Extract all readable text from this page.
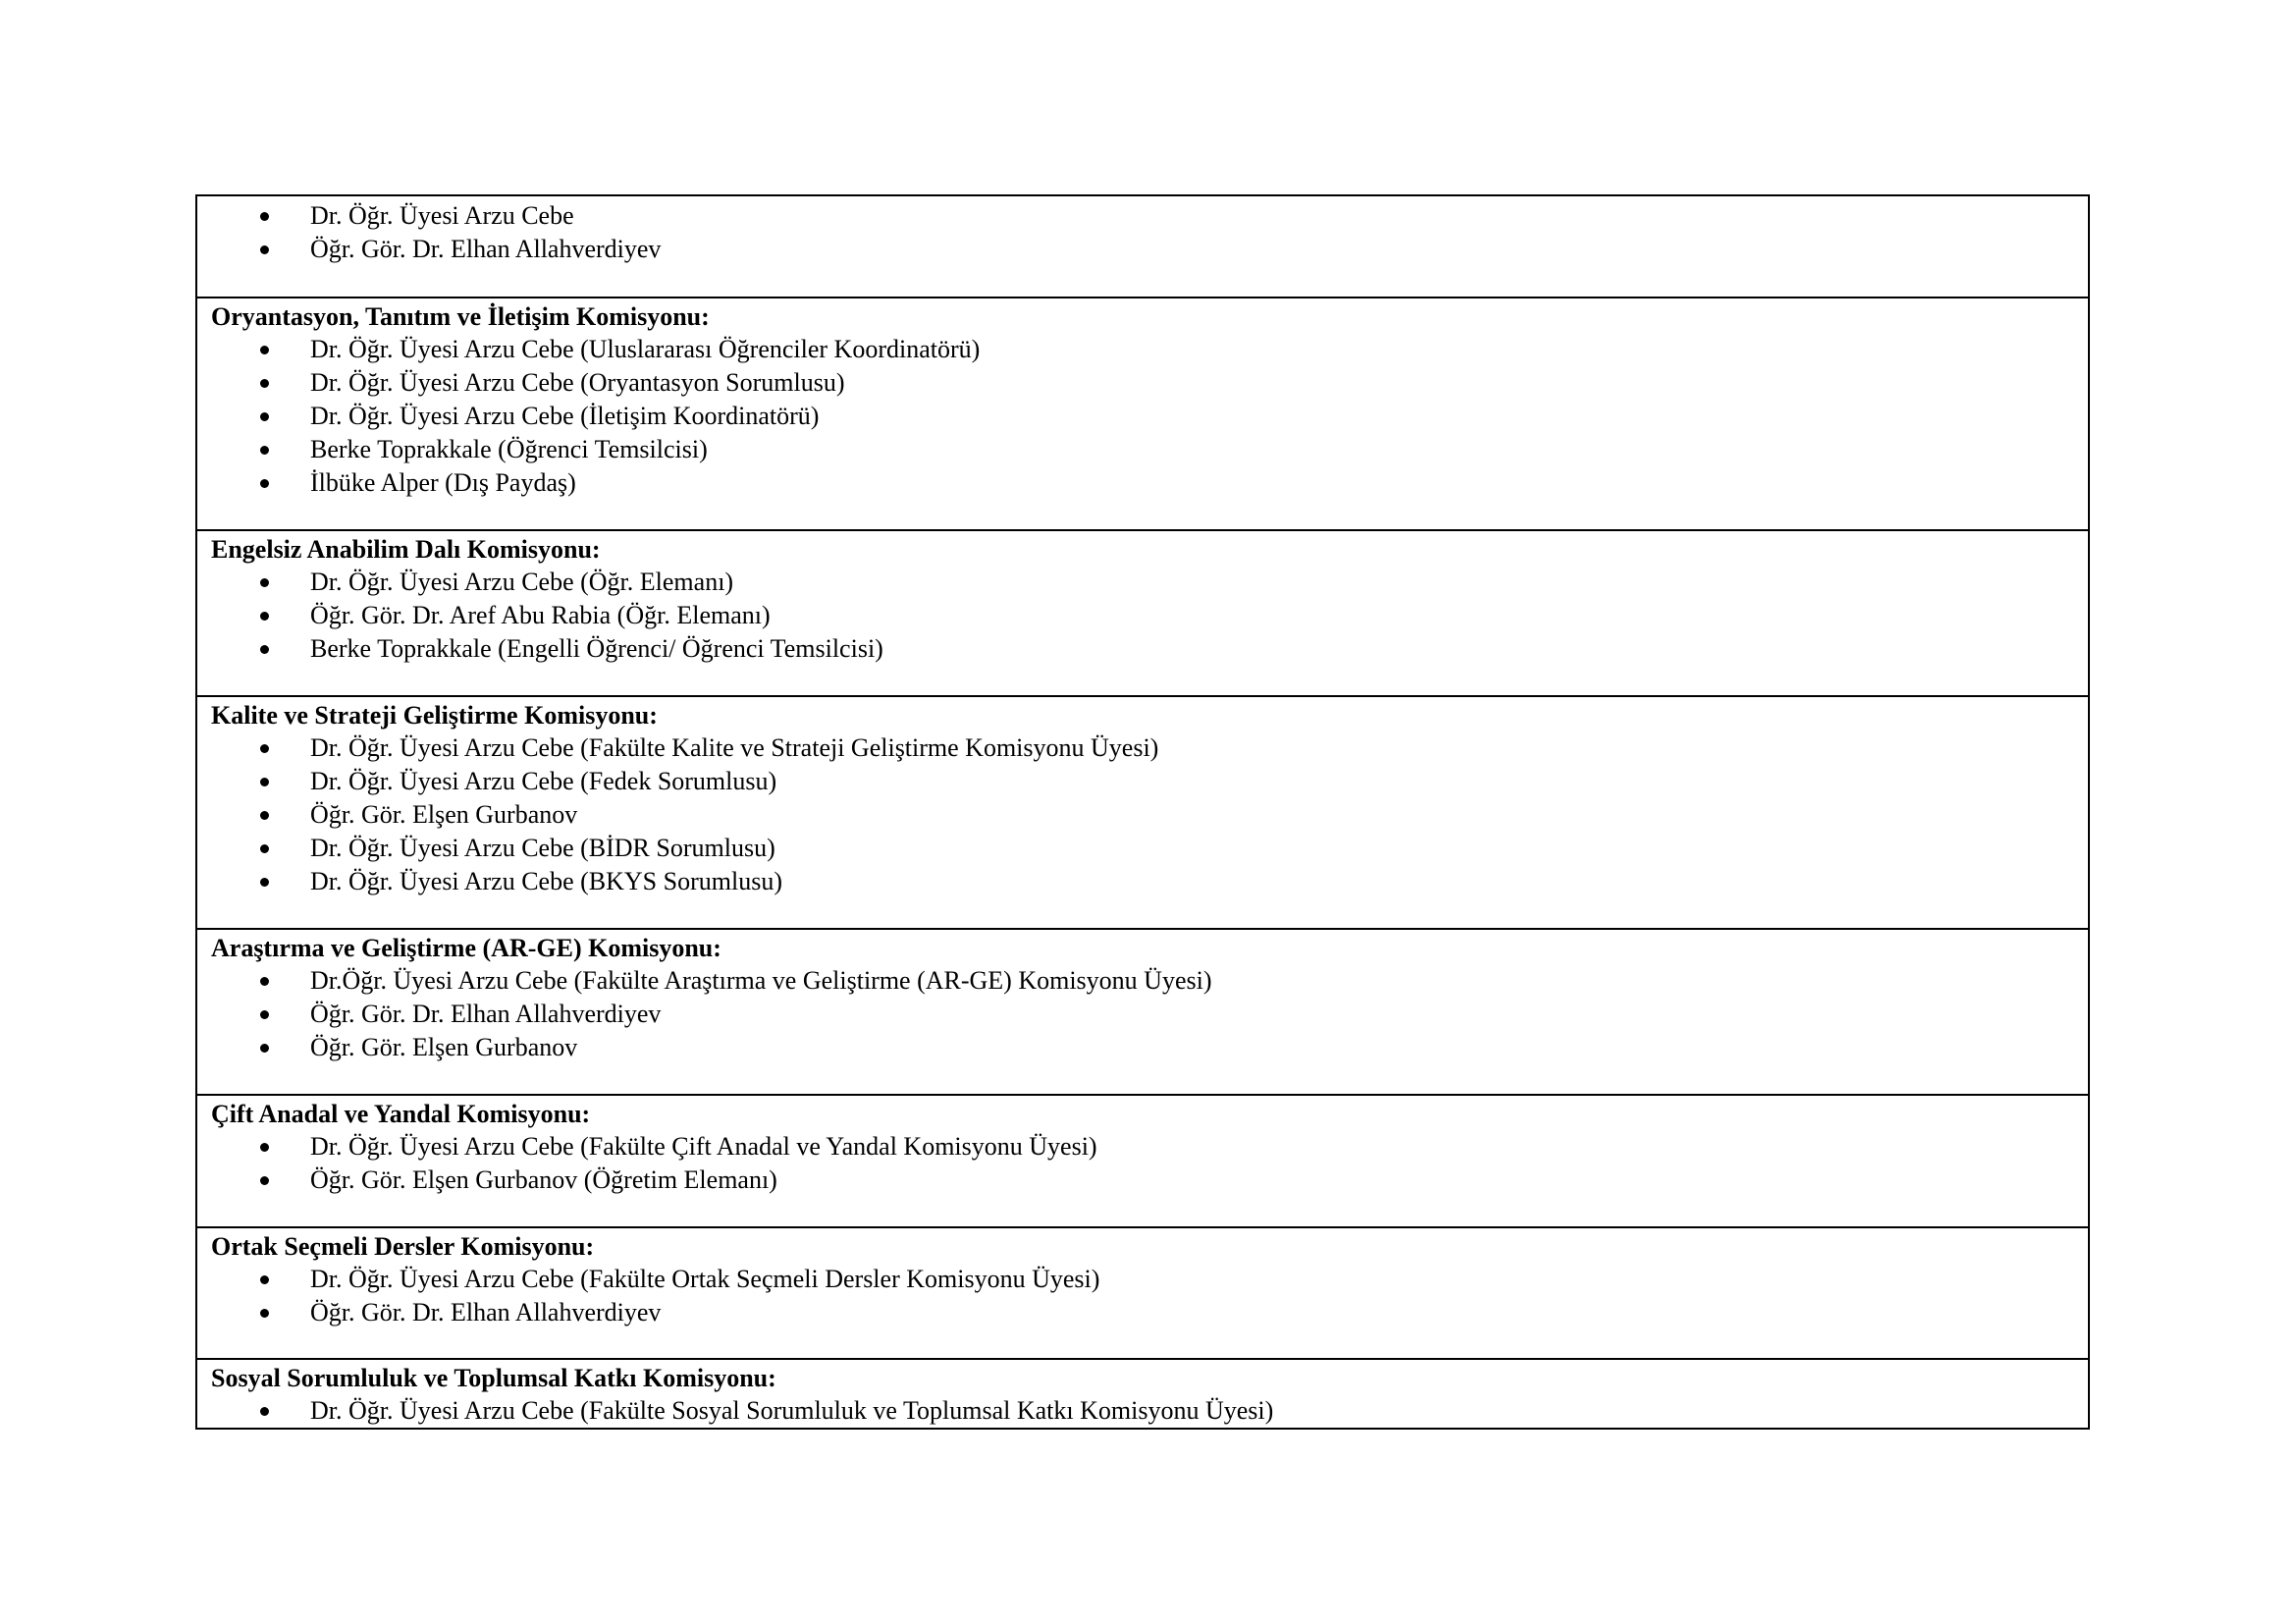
Dr. Öğr. Üyesi Arzu Cebe
Öğr. Gör. Dr. Elhan Allahverdiyev

Oryantasyon, Tanıtım ve İletişim Komisyonu:
Dr. Öğr. Üyesi Arzu Cebe (Uluslararası Öğrenciler Koordinatörü)
Dr. Öğr. Üyesi Arzu Cebe (Oryantasyon Sorumlusu)
Dr. Öğr. Üyesi Arzu Cebe (İletişim Koordinatörü)
Berke Toprakkale (Öğrenci Temsilcisi)
İlbüke Alper (Dış Paydaş)

Engelsiz Anabilim Dalı Komisyonu:
Dr. Öğr. Üyesi Arzu Cebe (Öğr. Elemanı)
Öğr. Gör. Dr. Aref Abu Rabia (Öğr. Elemanı)
Berke Toprakkale (Engelli Öğrenci/ Öğrenci Temsilcisi)

Kalite ve Strateji Geliştirme Komisyonu:
Dr. Öğr. Üyesi Arzu Cebe (Fakülte Kalite ve Strateji Geliştirme Komisyonu Üyesi)
Dr. Öğr. Üyesi Arzu Cebe (Fedek Sorumlusu)
Öğr. Gör. Elşen Gurbanov
Dr. Öğr. Üyesi Arzu Cebe (BİDR Sorumlusu)
Dr. Öğr. Üyesi Arzu Cebe (BKYS Sorumlusu)

Araştırma ve Geliştirme (AR-GE) Komisyonu:
Dr.Öğr. Üyesi Arzu Cebe (Fakülte Araştırma ve Geliştirme (AR-GE) Komisyonu Üyesi)
Öğr. Gör. Dr. Elhan Allahverdiyev
Öğr. Gör. Elşen Gurbanov

Çift Anadal ve Yandal Komisyonu:
Dr. Öğr. Üyesi Arzu Cebe (Fakülte Çift Anadal ve Yandal Komisyonu Üyesi)
Öğr. Gör. Elşen Gurbanov (Öğretim Elemanı)

Ortak Seçmeli Dersler Komisyonu:
Dr. Öğr. Üyesi Arzu Cebe (Fakülte Ortak Seçmeli Dersler Komisyonu Üyesi)
Öğr. Gör. Dr. Elhan Allahverdiyev

Sosyal Sorumluluk ve Toplumsal Katkı Komisyonu:
Dr. Öğr. Üyesi Arzu Cebe (Fakülte Sosyal Sorumluluk ve Toplumsal Katkı Komisyonu Üyesi)
